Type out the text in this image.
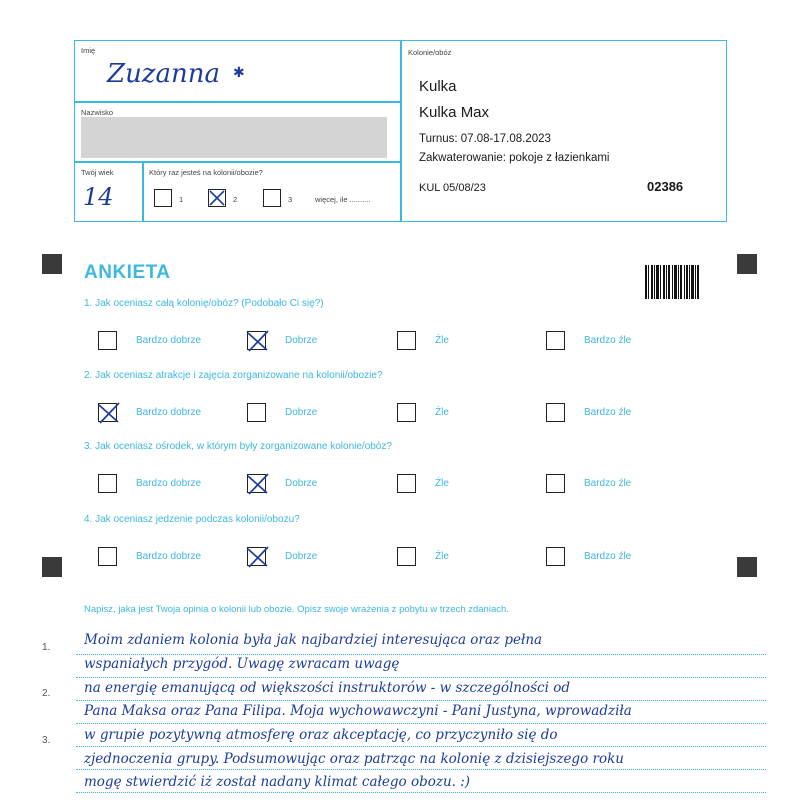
Imię
Zuzanna ✱
Nazwisko
Twój wiek
14
Który raz jesteś na kolonii/obozie?
1	2	3	więcej, ile ..........
Kolonie/obóz
Kulka
Kulka Max
Turnus: 07.08-17.08.2023
Zakwaterowanie: pokoje z łazienkami
KUL 05/08/23	02386
ANKIETA
1. Jak oceniasz całą kolonię/obóz? (Podobało Ci się?)
Bardzo dobrze	Dobrze	Źle	Bardzo źle
2. Jak oceniasz atrakcje i zajęcia zorganizowane na kolonii/obozie?
Bardzo dobrze	Dobrze	Źle	Bardzo źle
3. Jak oceniasz ośrodek, w którym były zorganizowane kolonie/obóz?
Bardzo dobrze	Dobrze	Źle	Bardzo źle
4. Jak oceniasz jedzenie podczas kolonii/obozu?
Bardzo dobrze	Dobrze	Źle	Bardzo źle
Napisz, jaka jest Twoja opinia o kolonii lub obozie. Opisz swoje wrażenia z pobytu w trzech zdaniach.
1.
2.
3.
Moim zdaniem kolonia była jak najbardziej interesująca oraz pełna
wspaniałych przygód. Uwagę zwracam uwagę
na energię emanującą od większości instruktorów - w szczególności od
Pana Maksa oraz Pana Filipa. Moja wychowawczyni - Pani Justyna, wprowadziła
w grupie pozytywną atmosferę oraz akceptację, co przyczyniło się do
zjednoczenia grupy. Podsumowując oraz patrząc na kolonię z dzisiejszego roku
mogę stwierdzić iż został nadany klimat całego obozu. :)
